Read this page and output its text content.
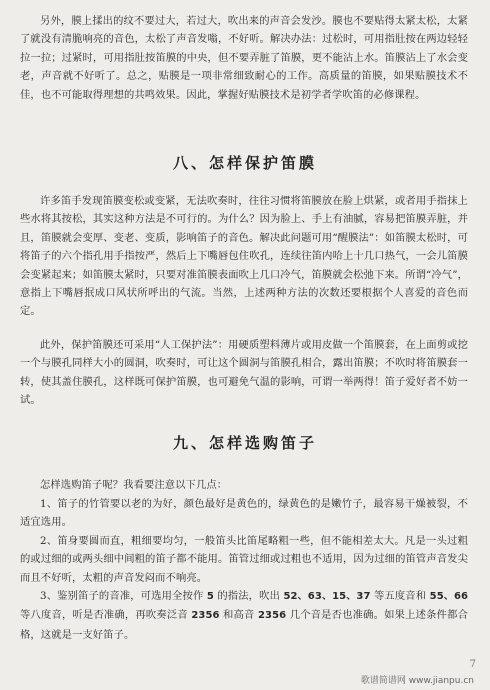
另外，膜上揉出的纹不要过大，若过大，吹出来的声音会发沙。膜也不要贴得太紧太松，太紧了就没有清脆响亮的音色，太松了声音发嗡，不好听。解决办法：过松时，可用指肚按在两边轻轻拉一拉；过紧时，可用指肚按笛膜的中央，但不要弄脏了笛膜，更不能沾上水。笛膜沾上了水会变老，声音就不好听了。总之，贴膜是一项非常细致耐心的工作。高质量的笛膜，如果贴膜技术不佳，也不可能取得理想的共鸣效果。因此，掌握好贴膜技术是初学者学吹笛的必修课程。

八、怎样保护笛膜

许多笛手发现笛膜变松或变紧，无法吹奏时，往往习惯将笛膜放在脸上烘紧，或者用手指抹上些水将其按松，其实这种方法是不可行的。为什么？因为脸上、手上有油腻，容易把笛膜弄脏，并且，笛膜就会变厚、变老、变质，影响笛子的音色。解决此问题可用“醒膜法”：如笛膜太松时，可将笛子的六个指孔用手指按严，然后上下嘴唇包住吹孔，连续往笛内哈上十几口热气，一会儿笛膜会变紧起来；如笛膜太紧时，只要对准笛膜表面吹上几口冷气，笛膜就会松弛下来。所谓“冷气”，意指上下嘴唇抿成口风状所呼出的气流。当然，上述两种方法的次数还要根据个人喜爱的音色而定。

此外，保护笛膜还可采用“人工保护法”：用硬质塑料薄片或用皮做一个笛膜套，在上面剪或挖一个与膜孔同样大小的圆洞，吹奏时，可让这个圆洞与笛膜孔相合，露出笛膜；不吹时将笛膜套一转，使其盖住膜孔，这样既可保护笛膜，也可避免气温的影响，可谓一举两得！笛子爱好者不妨一试。

九、怎样选购笛子

怎样选购笛子呢？我看要注意以下几点：

1、笛子的竹管要以老的为好，颜色最好是黄色的，绿黄色的是嫩竹子，最容易干燥被裂，不适宜选用。

2、笛身要圆而直，粗细要均匀，一般笛头比笛尾略粗一些，但不能相差太大。凡是一头过粗的或过细的或两头细中间粗的笛子都不能用。笛管过细或过粗也不适用，因为过细的笛管声音发尖而且不好听，太粗的声音发闷而不响亮。

3、鉴别笛子的音准，可选用全按作 5 的指法，吹出 52、63、15、37 等五度音和 55、66 等八度音，听是否准确，再吹奏泛音 2356 和高音 2356 几个音是否也准确。如果上述条件都合格，这就是一支好笛子。

7
歌谱简谱网 www.jianpu.cn
